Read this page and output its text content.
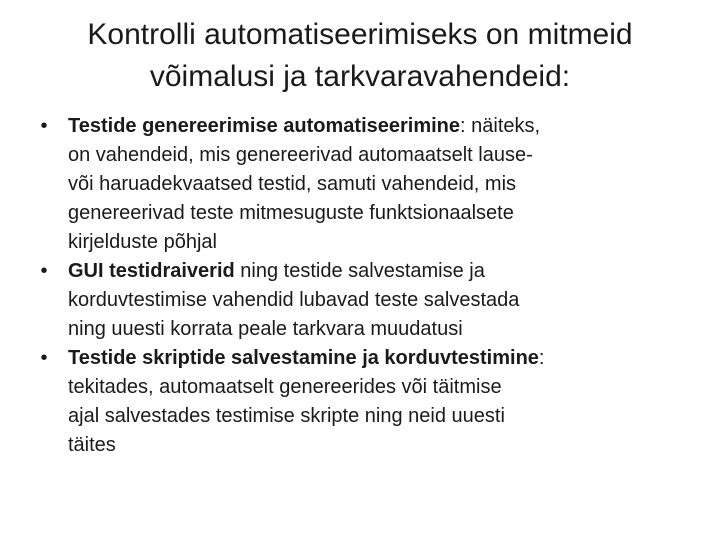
Kontrolli automatiseerimiseks on mitmeid
võimalusi ja tarkvaravahendeid:
•	Testide genereerimise automatiseerimine: näiteks,
on vahendeid, mis genereerivad automaatselt lause-
või haruadekvaatsed testid, samuti vahendeid, mis
genereerivad teste mitmesuguste funktsionaalsete
kirjelduste põhjal
•	GUI testidraiverid ning testide salvestamise ja
korduvtestimise vahendid lubavad teste salvestada
ning uuesti korrata peale tarkvara muudatusi
•	Testide skriptide salvestamine ja korduvtestimine:
tekitades, automaatselt genereerides või täitmise
ajal salvestades testimise skripte ning neid uuesti
täites
